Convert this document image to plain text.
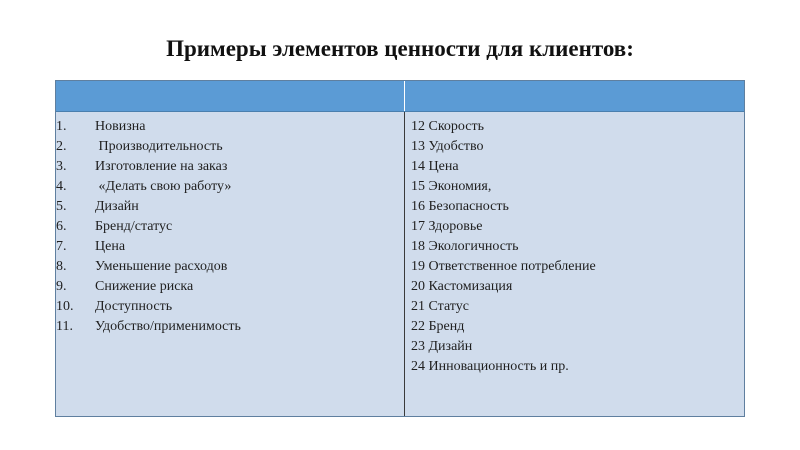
Примеры элементов ценности для клиентов:
1.	Новизна
2.	Производительность
3.	Изготовление на заказ
4.	«Делать свою работу»
5.	Дизайн
6.	Бренд/статус
7.	Цена
8.	Уменьшение расходов
9.	Снижение риска
10.	Доступность
11.	Удобство/применимость
12 Скорость
13 Удобство
14 Цена
15 Экономия,
16 Безопасность
17 Здоровье
18 Экологичность
19 Ответственное потребление
20 Кастомизация
21 Статус
22 Бренд
23 Дизайн
24 Инновационность и пр.
